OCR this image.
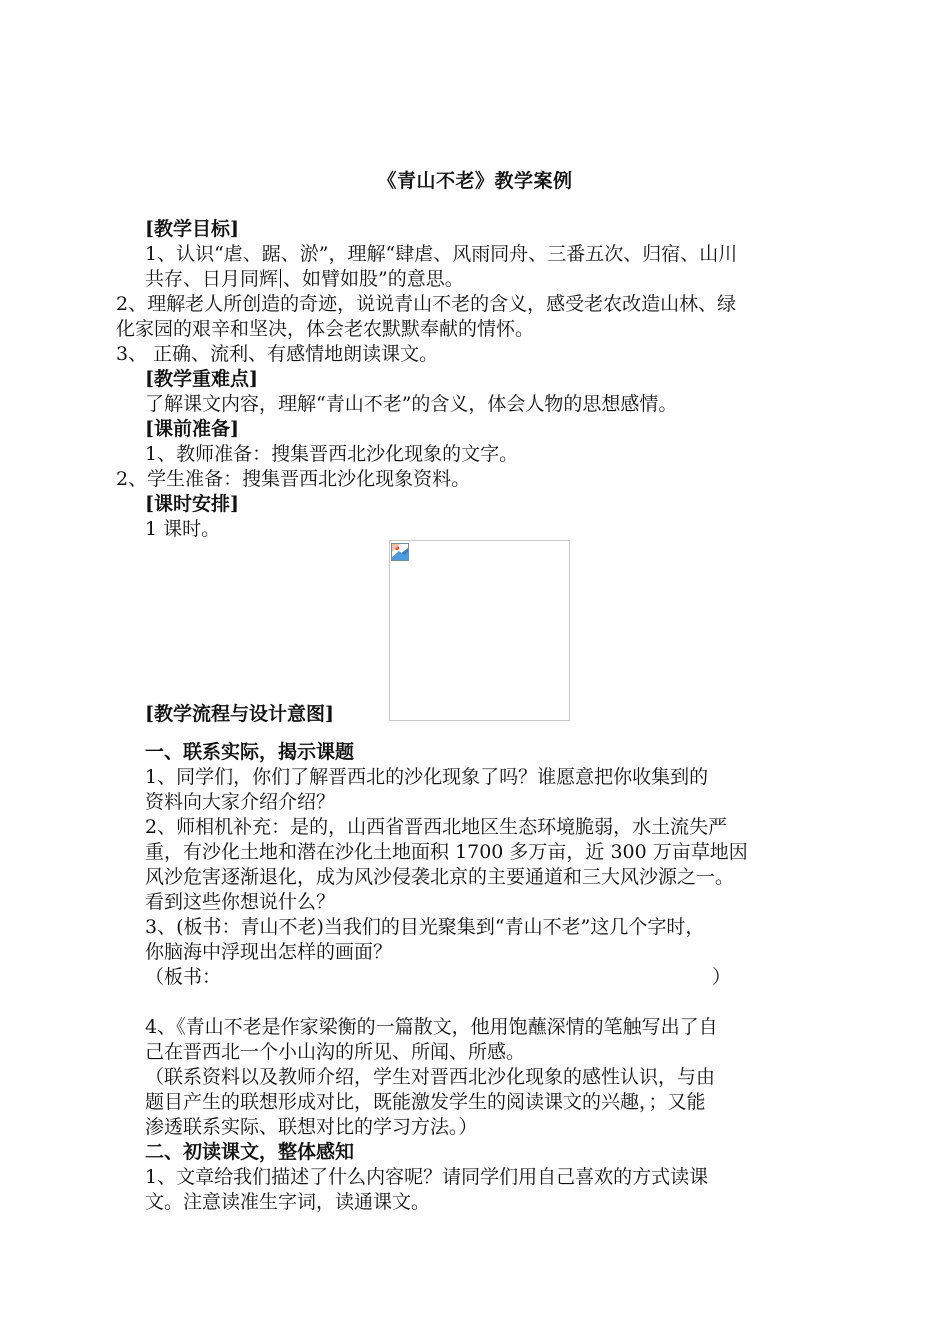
《青山不老》教学案例
[教学目标]
1、认识“虐、踞、淤”，理解“肆虐、风雨同舟、三番五次、归宿、山川
共存、日月同辉 、如臂如股”的意思。
2、理解老人所创造的奇迹，说说青山不老的含义，感受老农改造山林、绿
化家园的艰辛和坚决，体会老农默默奉献的情怀。
3、 正确、流利、有感情地朗读课文。
[教学重难点]
了解课文内容，理解“青山不老”的含义，体会人物的思想感情。
[课前准备]
1、教师准备：搜集晋西北沙化现象的文字。
2、学生准备：搜集晋西北沙化现象资料。
[课时安排]
1 课时。
[教学流程与设计意图]
一、联系实际，揭示课题
1、同学们，你们了解晋西北的沙化现象了吗？谁愿意把你收集到的
资料向大家介绍介绍？
2、师相机补充：是的，山西省晋西北地区生态环境脆弱，水土流失严
重，有沙化土地和潜在沙化土地面积 1700 多万亩，近 300 万亩草地因
风沙危害逐渐退化，成为风沙侵袭北京的主要通道和三大风沙源之一。
看到这些你想说什么？
3、(板书：青山不老)当我们的目光聚集到“青山不老”这几个字时，
你脑海中浮现出怎样的画面？
（板书：	）
4、《青山不老是作家梁衡的一篇散文，他用饱蘸深情的笔触写出了自
己在晋西北一个小山沟的所见、所闻、所感。
（联系资料以及教师介绍，学生对晋西北沙化现象的感性认识，与由
题目产生的联想形成对比，既能激发学生的阅读课文的兴趣，；又能
渗透联系实际、联想对比的学习方法。）
二、初读课文，整体感知
1、文章给我们描述了什么内容呢？请同学们用自己喜欢的方式读课
文。注意读准生字词，读通课文。
